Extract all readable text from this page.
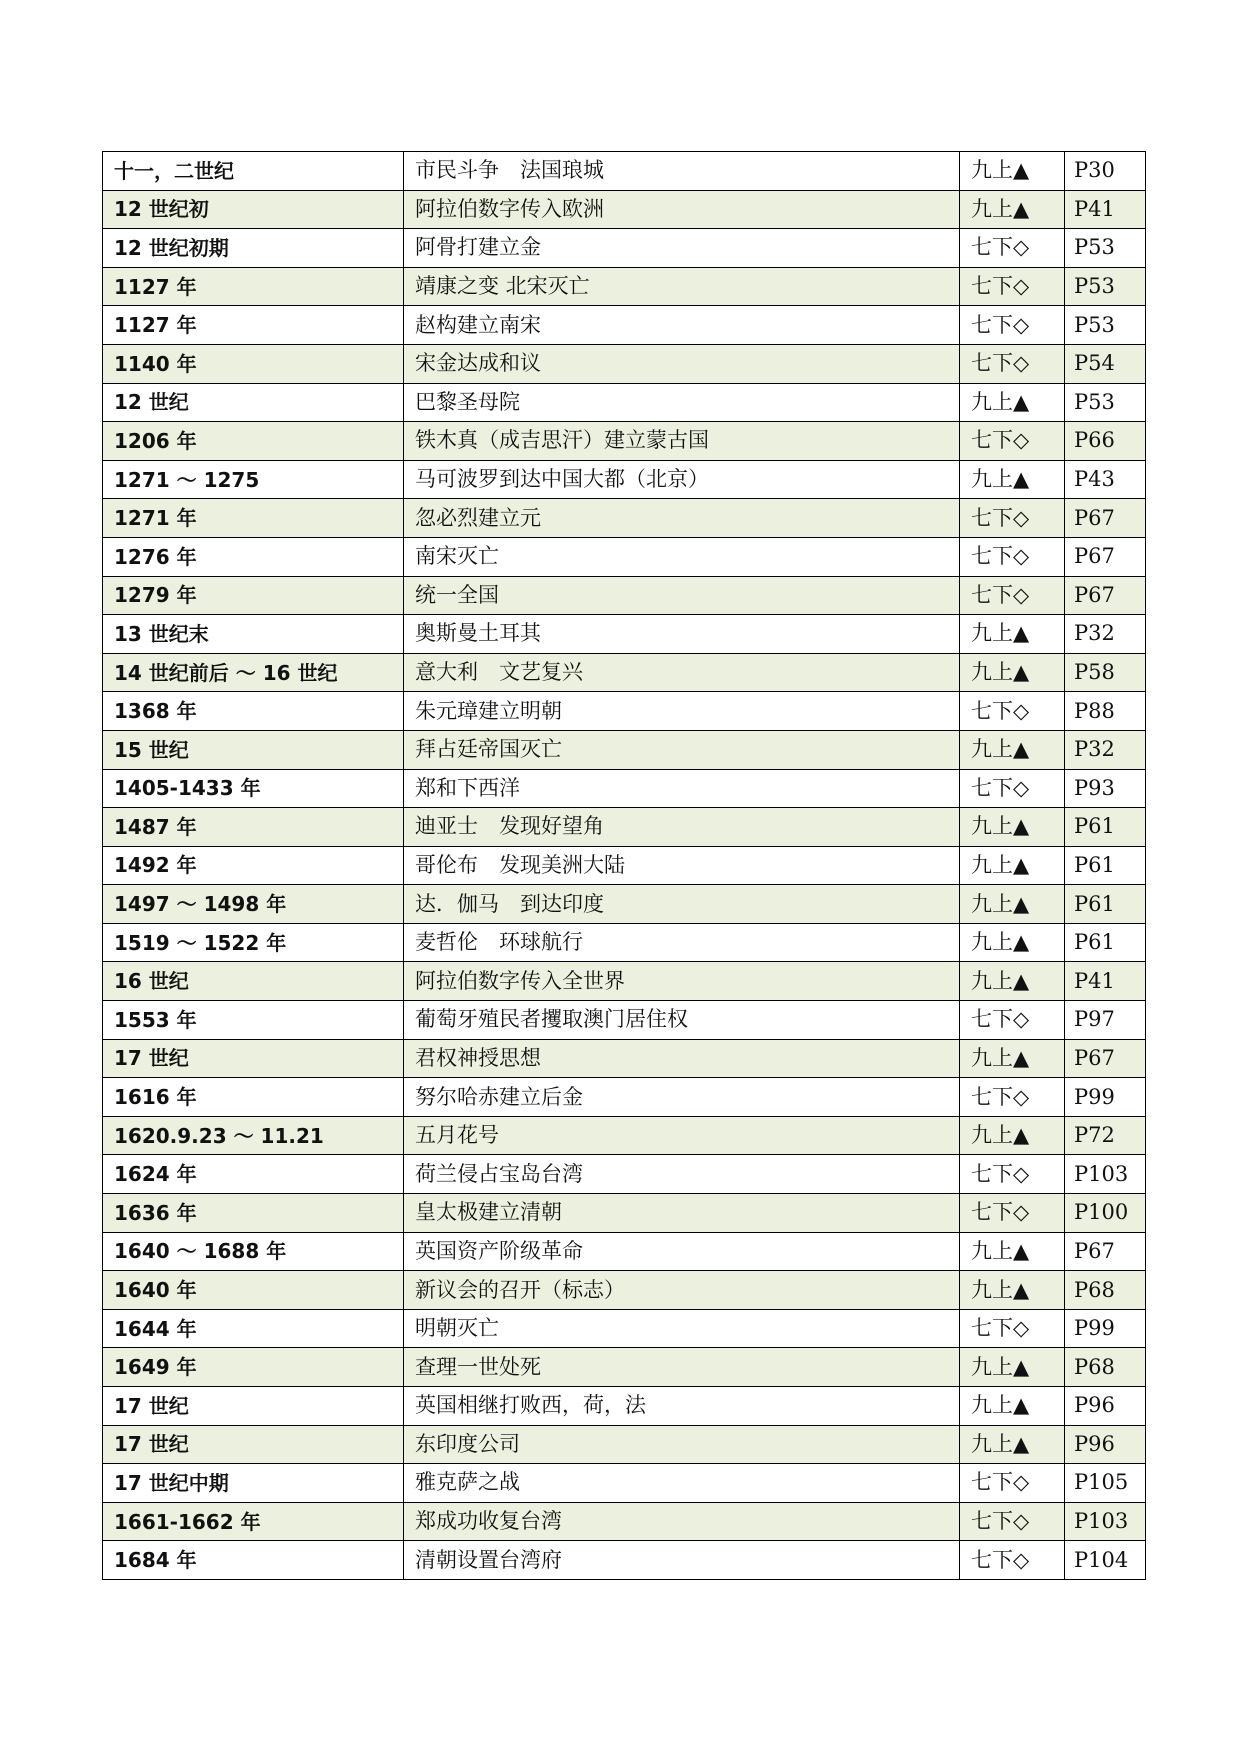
十一，二世纪	市民斗争　法国琅城	九上▲	P30
12 世纪初	阿拉伯数字传入欧洲	九上▲	P41
12 世纪初期	阿骨打建立金	七下◇	P53
1127 年	靖康之变 北宋灭亡	七下◇	P53
1127 年	赵构建立南宋	七下◇	P53
1140 年	宋金达成和议	七下◇	P54
12 世纪	巴黎圣母院	九上▲	P53
1206 年	铁木真（成吉思汗）建立蒙古国	七下◇	P66
1271 ～ 1275	马可波罗到达中国大都（北京）	九上▲	P43
1271 年	忽必烈建立元	七下◇	P67
1276 年	南宋灭亡	七下◇	P67
1279 年	统一全国	七下◇	P67
13 世纪末	奥斯曼土耳其	九上▲	P32
14 世纪前后 ～ 16 世纪	意大利　文艺复兴	九上▲	P58
1368 年	朱元璋建立明朝	七下◇	P88
15 世纪	拜占廷帝国灭亡	九上▲	P32
1405-1433 年	郑和下西洋	七下◇	P93
1487 年	迪亚士　发现好望角	九上▲	P61
1492 年	哥伦布　发现美洲大陆	九上▲	P61
1497 ～ 1498 年	达．伽马　到达印度	九上▲	P61
1519 ～ 1522 年	麦哲伦　环球航行	九上▲	P61
16 世纪	阿拉伯数字传入全世界	九上▲	P41
1553 年	葡萄牙殖民者攫取澳门居住权	七下◇	P97
17 世纪	君权神授思想	九上▲	P67
1616 年	努尔哈赤建立后金	七下◇	P99
1620.9.23 ～ 11.21	五月花号	九上▲	P72
1624 年	荷兰侵占宝岛台湾	七下◇	P103
1636 年	皇太极建立清朝	七下◇	P100
1640 ～ 1688 年	英国资产阶级革命	九上▲	P67
1640 年	新议会的召开（标志）	九上▲	P68
1644 年	明朝灭亡	七下◇	P99
1649 年	查理一世处死	九上▲	P68
17 世纪	英国相继打败西，荷，法	九上▲	P96
17 世纪	东印度公司	九上▲	P96
17 世纪中期	雅克萨之战	七下◇	P105
1661-1662 年	郑成功收复台湾	七下◇	P103
1684 年	清朝设置台湾府	七下◇	P104
